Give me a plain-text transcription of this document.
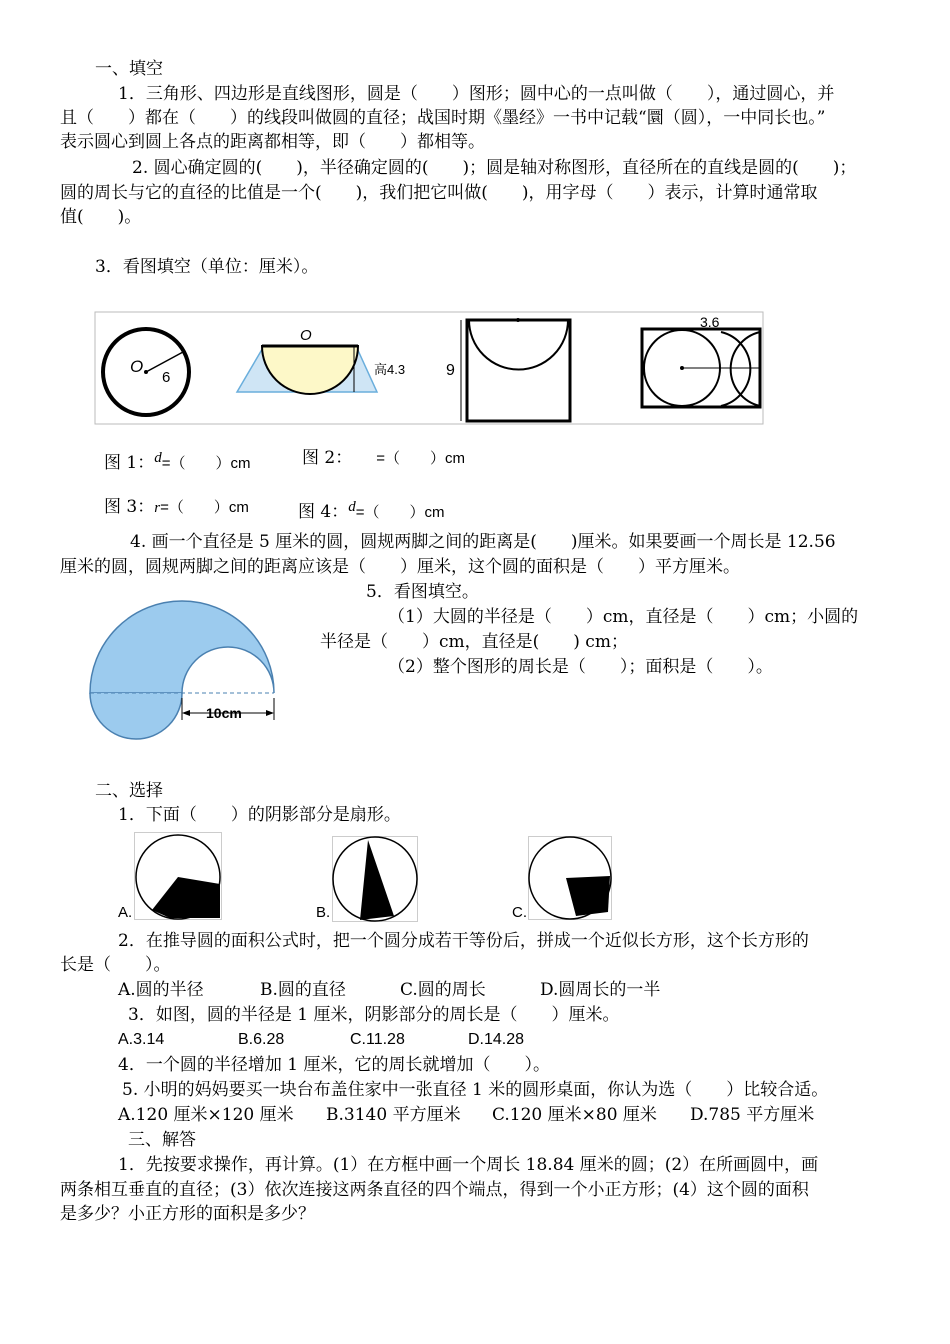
一、填空
1．三角形、四边形是直线图形，圆是（　　）图形；圆中心的一点叫做（　　），通过圆心，并
且（　　）都在（　　）的线段叫做圆的直径；战国时期《墨经》一书中记载“圜（圆），一中同长也。”
表示圆心到圆上各点的距离都相等，即（　　）都相等。
2. 圆心确定圆的(　　)，半径确定圆的(　　)；圆是轴对称图形，直径所在的直线是圆的(　　)；
圆的周长与它的直径的比值是一个(　　)，我们把它叫做(　　)，用字母（　　）表示，计算时通常取
值(　　)。
3．看图填空（单位：厘米）。
O
6
O
高4.3	9
3.6
图 1：d=（　　）cm	图 2： =（　　）cm
图 3：r=（　　）cm	图 4：d=（　　）cm
4. 画一个直径是 5 厘米的圆，圆规两脚之间的距离是(　　)厘米。如果要画一个周长是 12.56
厘米的圆，圆规两脚之间的距离应该是（　　）厘米，这个圆的面积是（　　）平方厘米。
10cm
5．看图填空。
（1）大圆的半径是（　　）cm，直径是（　　）cm；小圆的
半径是（　　）cm，直径是(　　) cm；
（2）整个图形的周长是（　　）；面积是（　　）。
二、选择
1．下面（　　）的阴影部分是扇形。
A.	B.	C.
2．在推导圆的面积公式时，把一个圆分成若干等份后，拼成一个近似长方形，这个长方形的
长是（　　）。
A.圆的半径	B.圆的直径	C.圆的周长	D.圆周长的一半
3．如图，圆的半径是 1 厘米，阴影部分的周长是（　　）厘米。
A.3.14	B.6.28	C.11.28	D.14.28
4．一个圆的半径增加 1 厘米，它的周长就增加（　　）。
5. 小明的妈妈要买一块台布盖住家中一张直径 1 米的圆形桌面，你认为选（　　）比较合适。
A.120 厘米×120 厘米 B.3140 平方厘米 C.120 厘米×80 厘米 D.785 平方厘米
三、解答
1．先按要求操作，再计算。(1）在方框中画一个周长 18.84 厘米的圆；(2）在所画圆中，画
两条相互垂直的直径；(3）依次连接这两条直径的四个端点，得到一个小正方形；(4）这个圆的面积
是多少？小正方形的面积是多少？
